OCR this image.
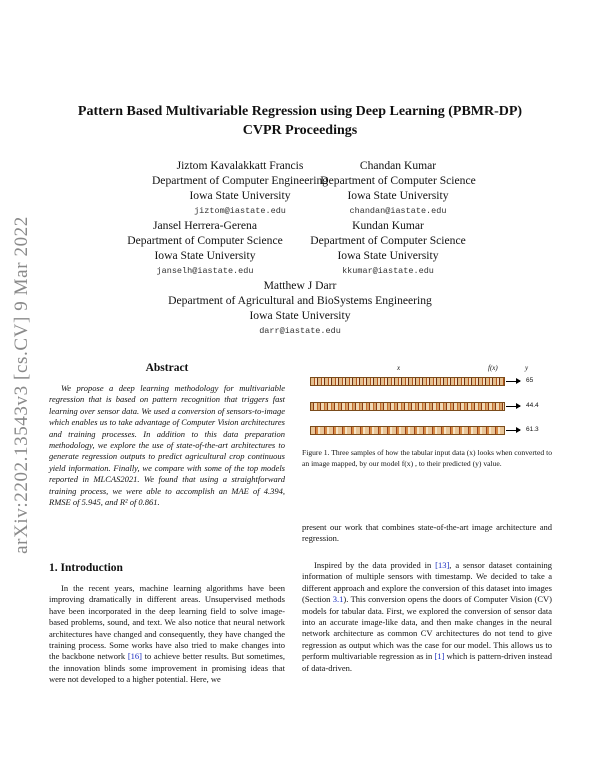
arXiv:2202.13543v3 [cs.CV] 9 Mar 2022
Pattern Based Multivariable Regression using Deep Learning (PBMR-DP)
CVPR Proceedings
Jiztom Kavalakkatt Francis
Department of Computer Engineering
Iowa State University
jiztom@iastate.edu
Chandan Kumar
Department of Computer Science
Iowa State University
chandan@iastate.edu
Jansel Herrera-Gerena
Department of Computer Science
Iowa State University
janselh@iastate.edu
Kundan Kumar
Department of Computer Science
Iowa State University
kkumar@iastate.edu
Matthew J Darr
Department of Agricultural and BioSystems Engineering
Iowa State University
darr@iastate.edu
Abstract
We propose a deep learning methodology for multivariable regression that is based on pattern recognition that triggers fast learning over sensor data. We used a conversion of sensors-to-image which enables us to take advantage of Computer Vision architectures and training processes. In addition to this data preparation methodology, we explore the use of state-of-the-art architectures to generate regression outputs to predict agricultural crop continuous yield information. Finally, we compare with some of the top models reported in MLCAS2021. We found that using a straightforward training process, we were able to accomplish an MAE of 4.394, RMSE of 5.945, and R² of 0.861.
1. Introduction
In the recent years, machine learning algorithms have been improving dramatically in different areas. Unsupervised methods have been incorporated in the deep learning field to solve image-based problems, sound, and text. We also notice that neural network architectures have changed and consequently, they have changed the training process. Some works have also tried to make changes into the backbone network [16] to achieve better results. But sometimes, the innovation blinds some improvement in promising ideas that were not developed to a higher potential. Here, we
x	f(x)	y
65
44.4
61.3
Figure 1. Three samples of how the tabular input data (x) looks when converted to an image mapped, by our model f(x) , to their predicted (y) value.
present our work that combines state-of-the-art image architecture and regression.
Inspired by the data provided in [13], a sensor dataset containing information of multiple sensors with timestamp. We decided to take a different approach and explore the conversion of this dataset into images (Section 3.1). This conversion opens the doors of Computer Vision (CV) models for tabular data. First, we explored the conversion of sensor data into an accurate image-like data, and then make changes in the neural network architecture as common CV architectures do not tend to give regression as output which was the case for our model. This allows us to perform multivariable regression as in [1] which is pattern-driven instead of data-driven.
